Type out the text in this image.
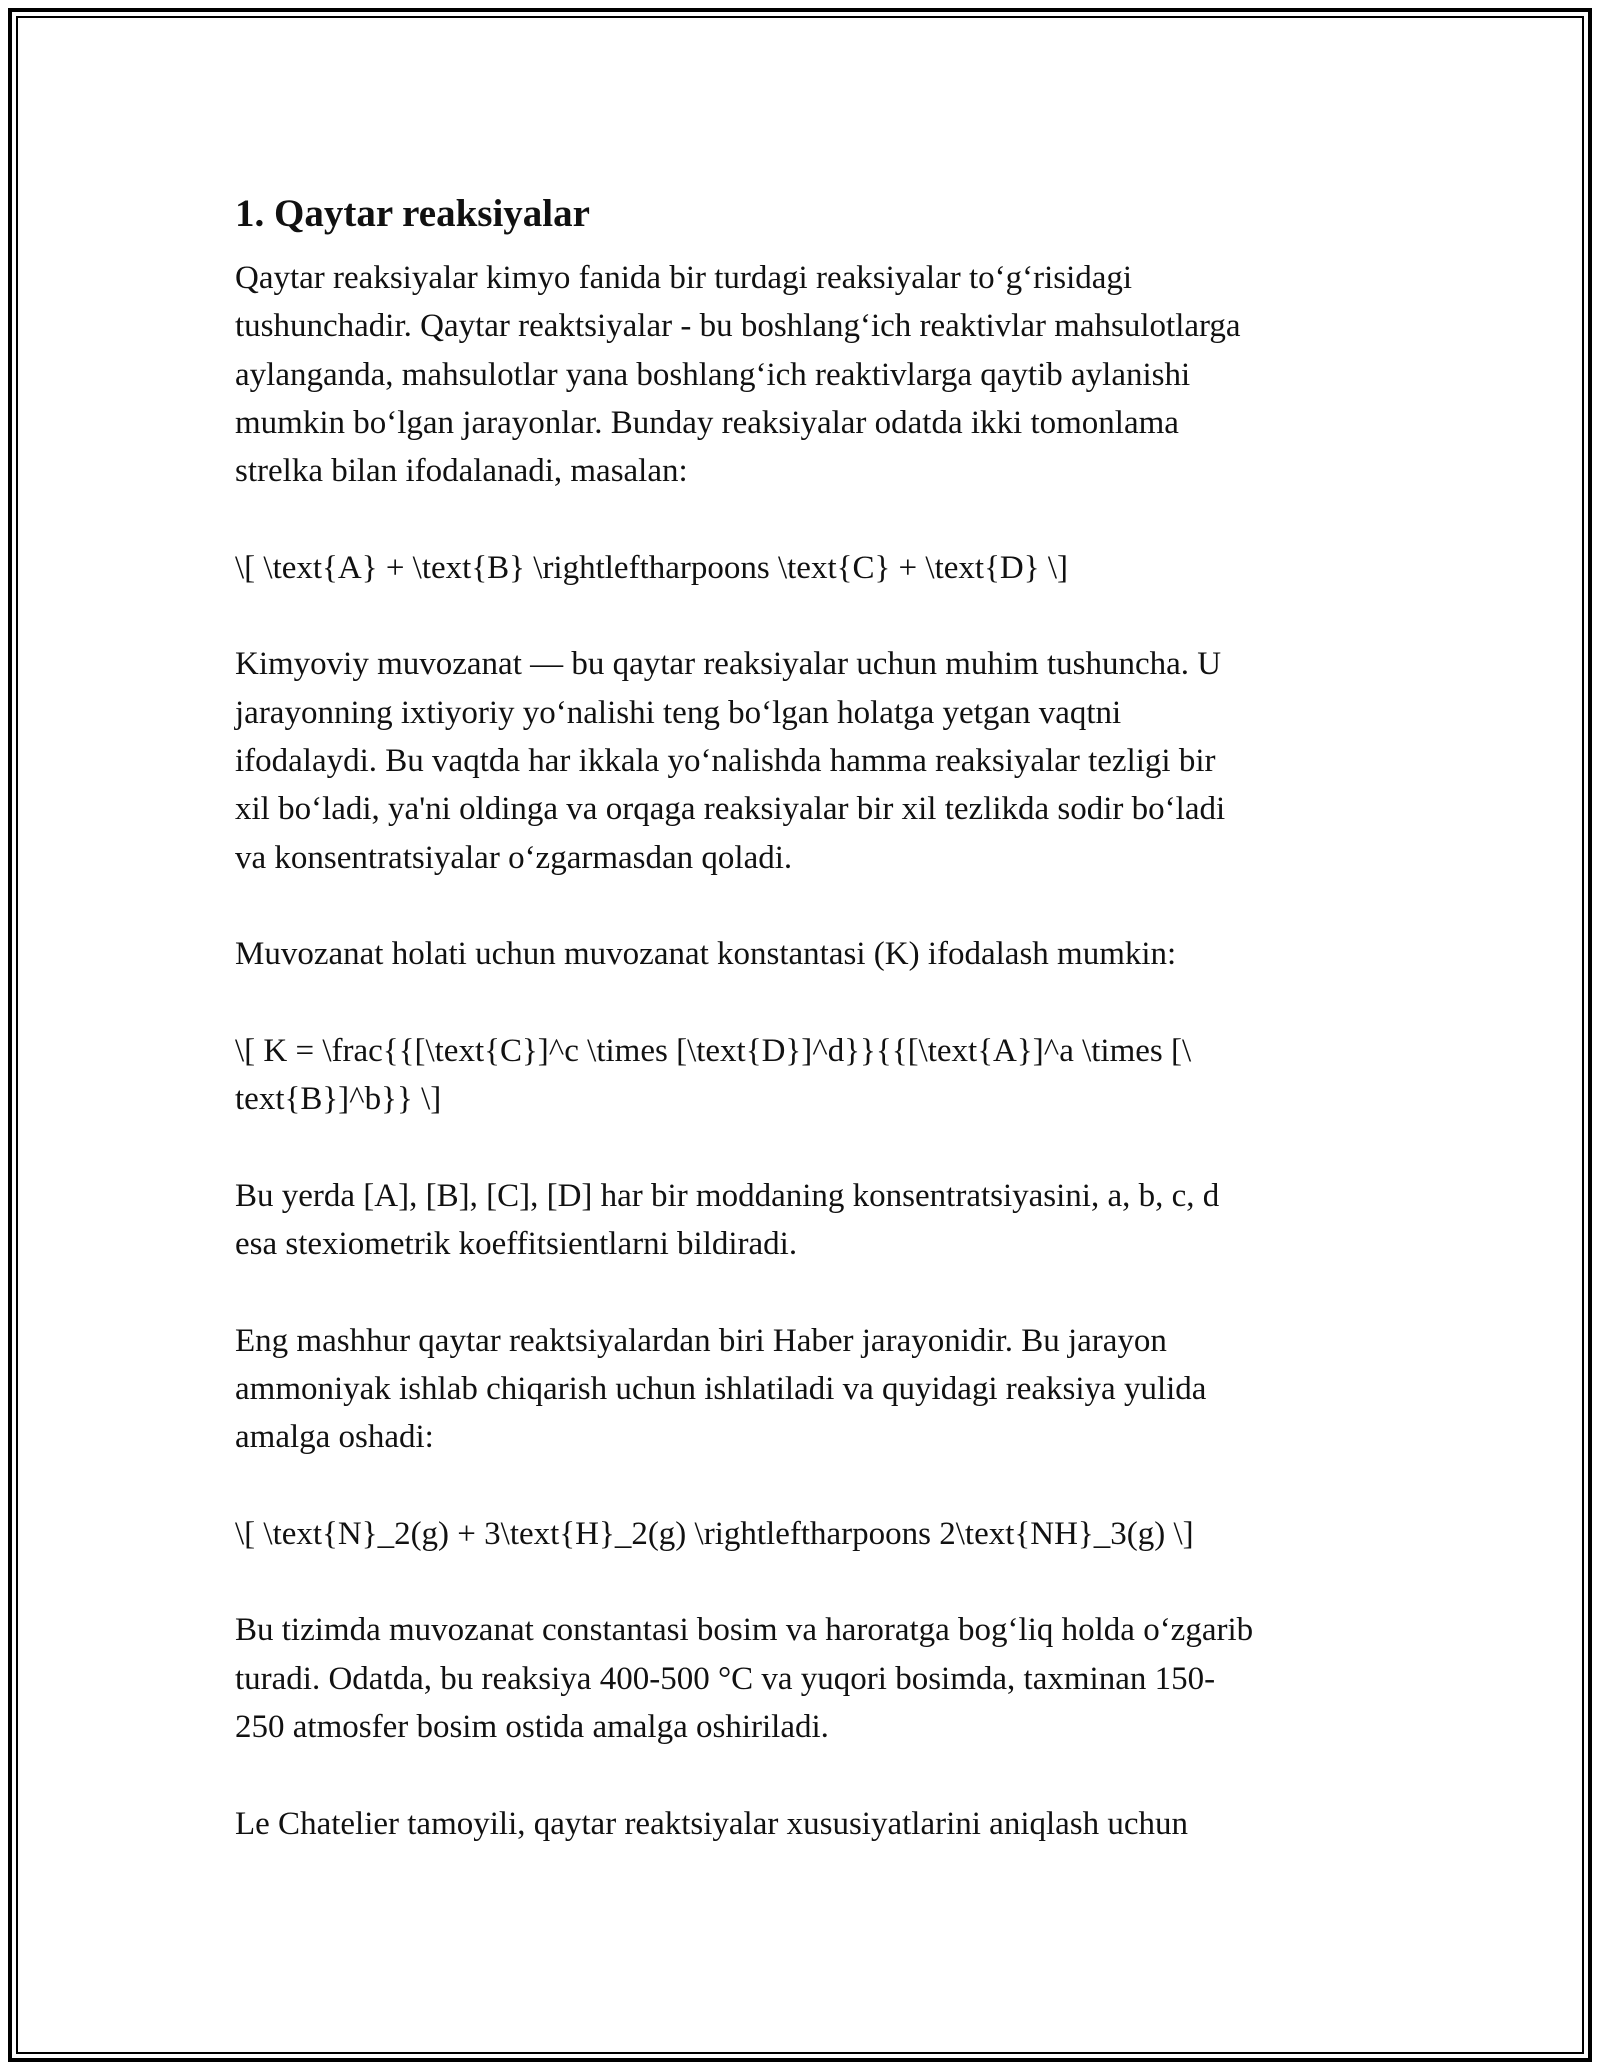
1. Qaytar reaksiyalar

Qaytar reaksiyalar kimyo fanida bir turdagi reaksiyalar to‘g‘risidagi
tushunchadir. Qaytar reaktsiyalar - bu boshlang‘ich reaktivlar mahsulotlarga
aylanganda, mahsulotlar yana boshlang‘ich reaktivlarga qaytib aylanishi
mumkin bo‘lgan jarayonlar. Bunday reaksiyalar odatda ikki tomonlama
strelka bilan ifodalanadi, masalan:

\[ \text{A} + \text{B} \rightleftharpoons \text{C} + \text{D} \]

Kimyoviy muvozanat — bu qaytar reaksiyalar uchun muhim tushuncha. U
jarayonning ixtiyoriy yo‘nalishi teng bo‘lgan holatga yetgan vaqtni
ifodalaydi. Bu vaqtda har ikkala yo‘nalishda hamma reaksiyalar tezligi bir
xil bo‘ladi, ya'ni oldinga va orqaga reaksiyalar bir xil tezlikda sodir bo‘ladi
va konsentratsiyalar o‘zgarmasdan qoladi.

Muvozanat holati uchun muvozanat konstantasi (K) ifodalash mumkin:

\[ K = \frac{{[\text{C}]^c \times [\text{D}]^d}}{{[\text{A}]^a \times [\
text{B}]^b}} \]

Bu yerda [A], [B], [C], [D] har bir moddaning konsentratsiyasini, a, b, c, d
esa stexiometrik koeffitsientlarni bildiradi.

Eng mashhur qaytar reaktsiyalardan biri Haber jarayonidir. Bu jarayon
ammoniyak ishlab chiqarish uchun ishlatiladi va quyidagi reaksiya yulida
amalga oshadi:

\[ \text{N}_2(g) + 3\text{H}_2(g) \rightleftharpoons 2\text{NH}_3(g) \]

Bu tizimda muvozanat constantasi bosim va haroratga bog‘liq holda o‘zgarib
turadi. Odatda, bu reaksiya 400-500 °C va yuqori bosimda, taxminan 150-
250 atmosfer bosim ostida amalga oshiriladi.

Le Chatelier tamoyili, qaytar reaktsiyalar xususiyatlarini aniqlash uchun
